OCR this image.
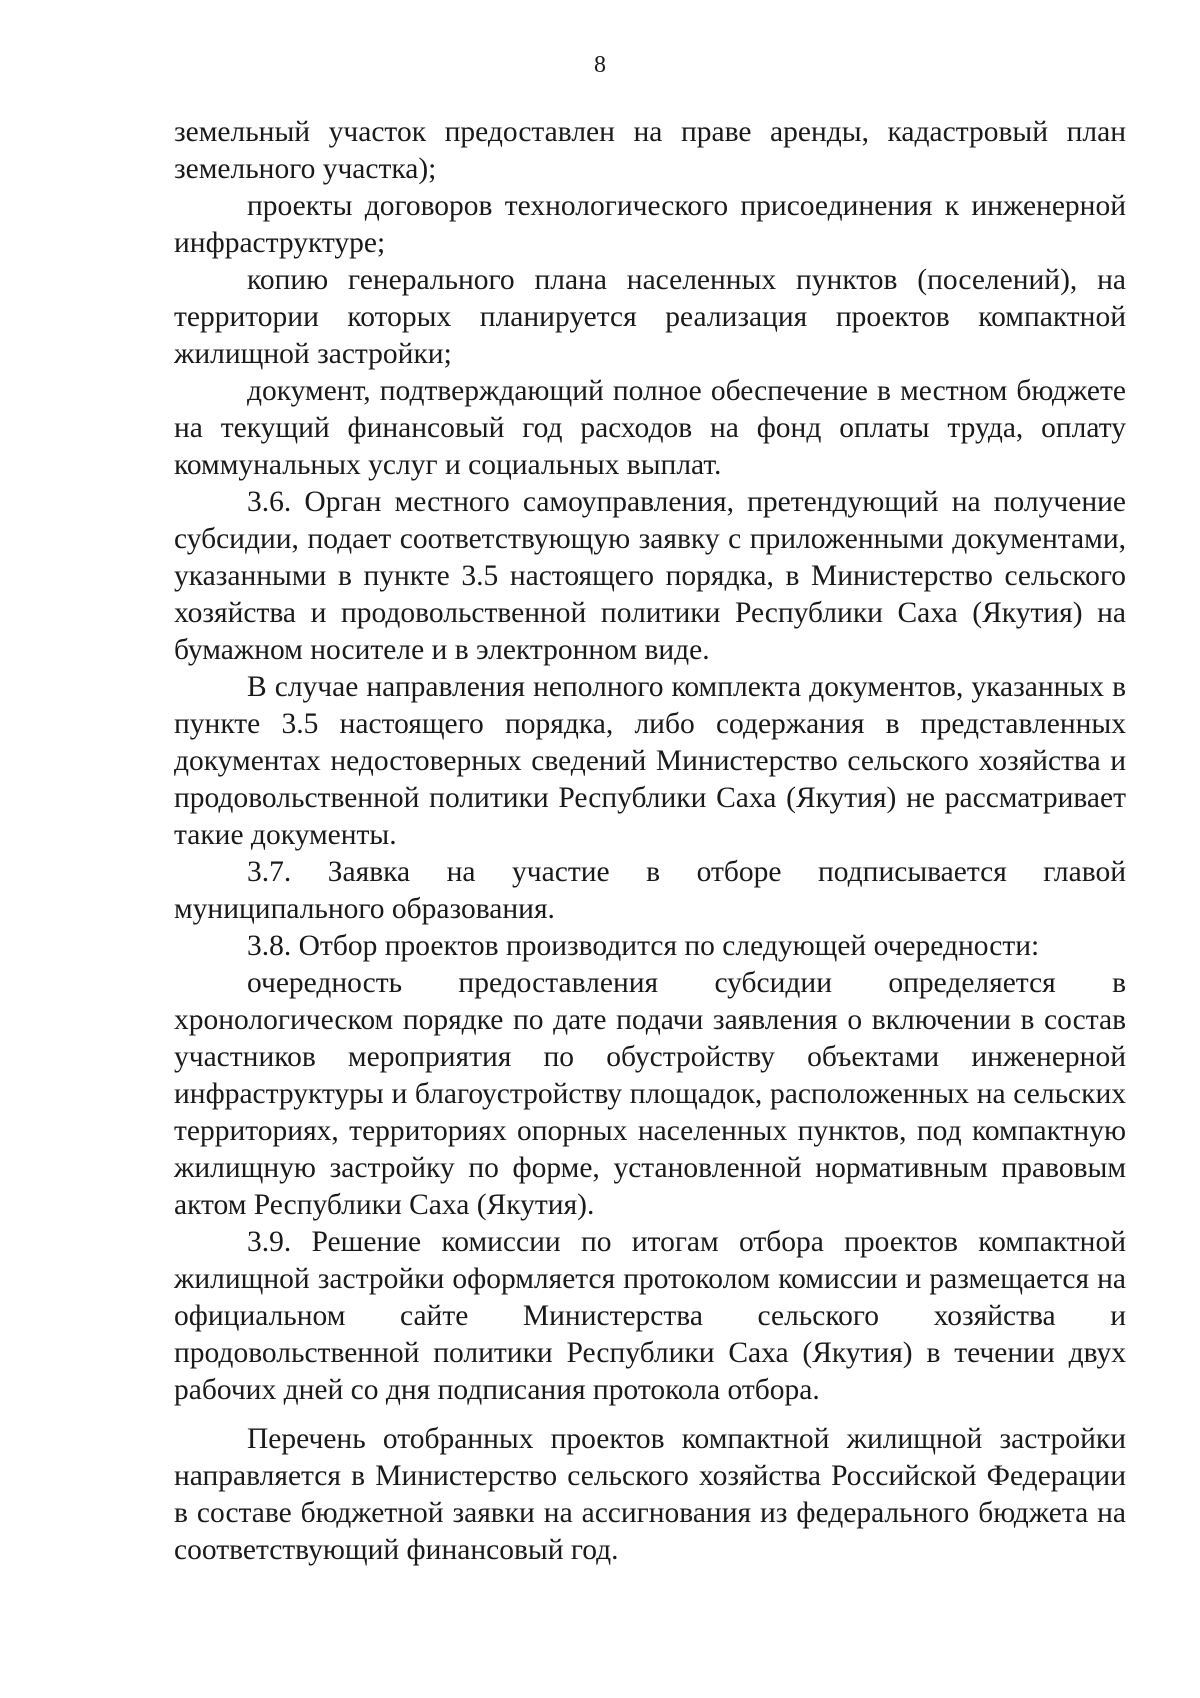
8

земельный участок предоставлен на праве аренды, кадастровый план земельного участка);

проекты договоров технологического присоединения к инженерной инфраструктуре;

копию генерального плана населенных пунктов (поселений), на территории которых планируется реализация проектов компактной жилищной застройки;

документ, подтверждающий полное обеспечение в местном бюджете на текущий финансовый год расходов на фонд оплаты труда, оплату коммунальных услуг и социальных выплат.

3.6. Орган местного самоуправления, претендующий на получение субсидии, подает соответствующую заявку с приложенными документами, указанными в пункте 3.5 настоящего порядка, в Министерство сельского хозяйства и продовольственной политики Республики Саха (Якутия) на бумажном носителе и в электронном виде.

В случае направления неполного комплекта документов, указанных в пункте 3.5 настоящего порядка, либо содержания в представленных документах недостоверных сведений Министерство сельского хозяйства и продовольственной политики Республики Саха (Якутия) не рассматривает такие документы.

3.7. Заявка на участие в отборе подписывается главой муниципального образования.

3.8. Отбор проектов производится по следующей очередности:

очередность предоставления субсидии определяется в хронологическом порядке по дате подачи заявления о включении в состав участников мероприятия по обустройству объектами инженерной инфраструктуры и благоустройству площадок, расположенных на сельских территориях, территориях опорных населенных пунктов, под компактную жилищную застройку по форме, установленной нормативным правовым актом Республики Саха (Якутия).

3.9. Решение комиссии по итогам отбора проектов компактной жилищной застройки оформляется протоколом комиссии и размещается на официальном сайте Министерства сельского хозяйства и продовольственной политики Республики Саха (Якутия) в течении двух рабочих дней со дня подписания протокола отбора.

Перечень отобранных проектов компактной жилищной застройки направляется в Министерство сельского хозяйства Российской Федерации в составе бюджетной заявки на ассигнования из федерального бюджета на соответствующий финансовый год.
